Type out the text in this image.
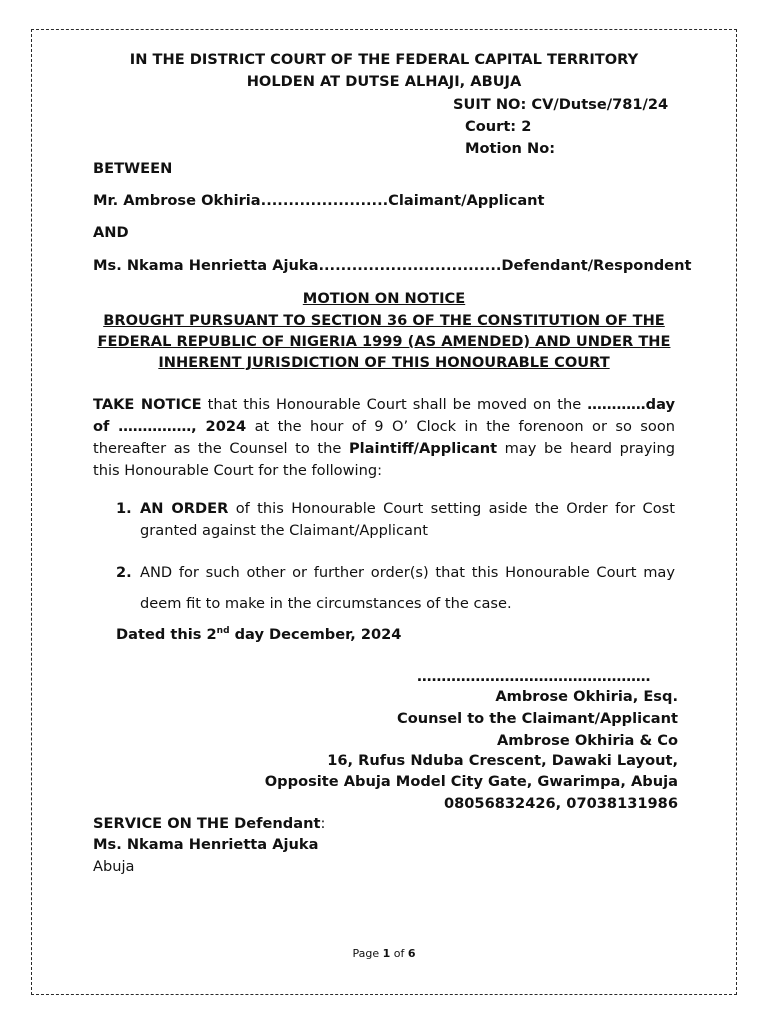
IN THE DISTRICT COURT OF THE FEDERAL CAPITAL TERRITORY
HOLDEN AT DUTSE ALHAJI, ABUJA
SUIT NO: CV/Dutse/781/24
Court: 2
Motion No:
BETWEEN
Mr. Ambrose Okhiria.......................Claimant/Applicant
AND
Ms. Nkama Henrietta Ajuka.................................Defendant/Respondent
MOTION ON NOTICE
BROUGHT PURSUANT TO SECTION 36 OF THE CONSTITUTION OF THE
FEDERAL REPUBLIC OF NIGERIA 1999 (AS AMENDED) AND UNDER THE
INHERENT JURISDICTION OF THIS HONOURABLE COURT
TAKE NOTICE that this Honourable Court shall be moved on the …………day of ……………, 2024 at the hour of 9 O’ Clock in the forenoon or so soon thereafter as the Counsel to the Plaintiff/Applicant may be heard praying this Honourable Court for the following:
1. AN ORDER of this Honourable Court setting aside the Order for Cost granted against the Claimant/Applicant
2. AND for such other or further order(s) that this Honourable Court may deem fit to make in the circumstances of the case.
Dated this 2nd day December, 2024
…………………………………………
Ambrose Okhiria, Esq.
Counsel to the Claimant/Applicant
Ambrose Okhiria & Co
16, Rufus Nduba Crescent, Dawaki Layout,
Opposite Abuja Model City Gate, Gwarimpa, Abuja
08056832426, 07038131986
SERVICE ON THE Defendant:
Ms. Nkama Henrietta Ajuka
Abuja
Page 1 of 6
